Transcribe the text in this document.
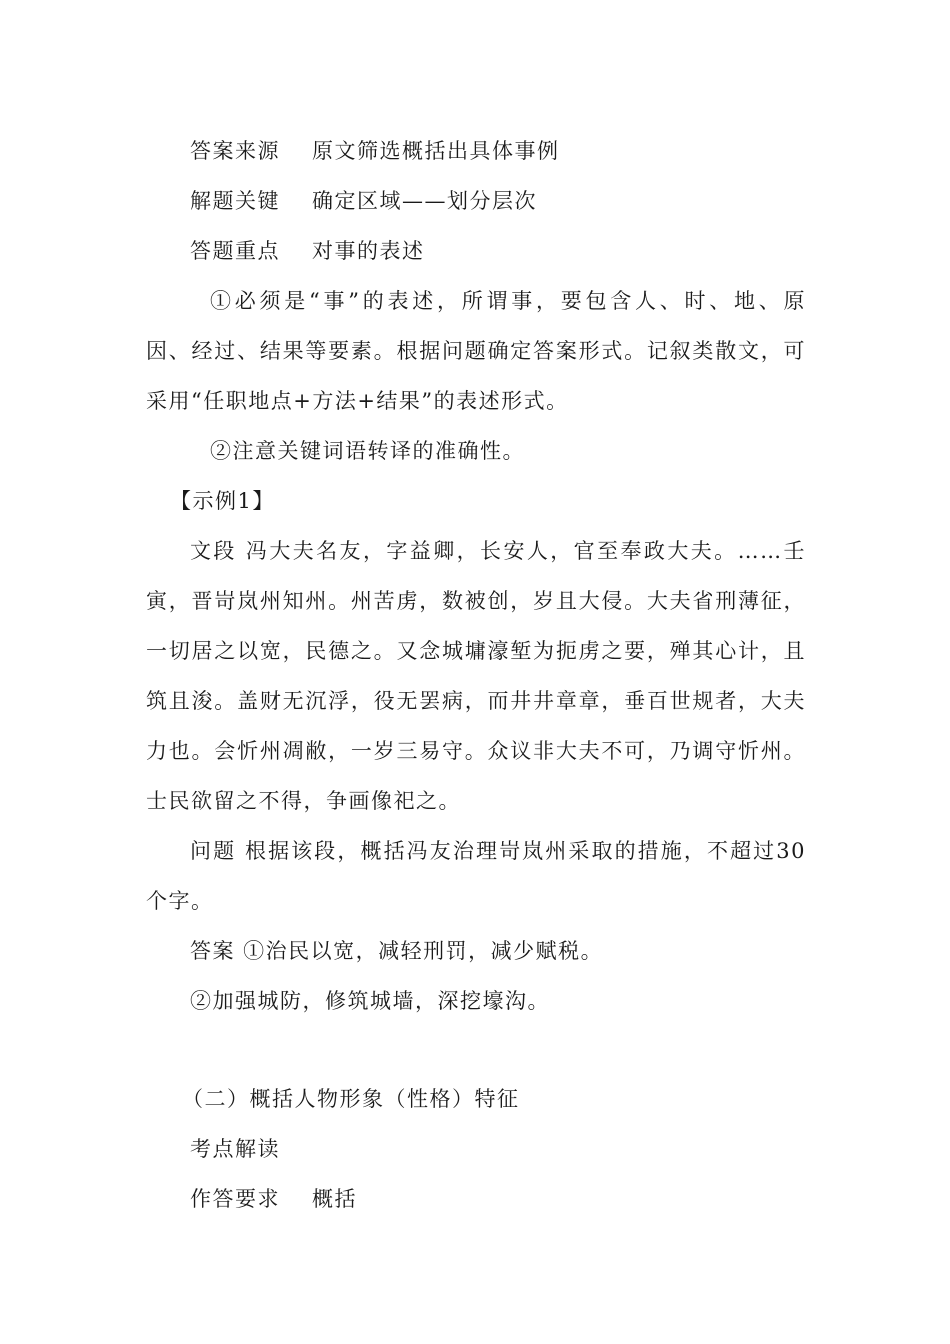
答案来源 原文筛选概括出具体事例
解题关键 确定区域——划分层次
答题重点 对事的表述
①必须是“事”的表述，所谓事，要包含人、时、地、原
因、经过、结果等要素。根据问题确定答案形式。记叙类散文，可
采用“任职地点+方法+结果”的表述形式。
②注意关键词语转译的准确性。
【示例1】
文段 冯大夫名友，字益卿，长安人，官至奉政大夫。……壬
寅，晋岢岚州知州。州苦虏，数被创，岁且大侵。大夫省刑薄征，
一切居之以宽，民德之。又念城墉濠堑为扼虏之要，殚其心计，且
筑且浚。盖财无沉浮，役无罢病，而井井章章，垂百世规者，大夫
力也。会忻州凋敝，一岁三易守。众议非大夫不可，乃调守忻州。
士民欲留之不得，争画像祀之。
问题 根据该段，概括冯友治理岢岚州采取的措施，不超过30
个字。
答案 ①治民以宽，减轻刑罚，减少赋税。
②加强城防，修筑城墙，深挖壕沟。
（二）概括人物形象（性格）特征
考点解读
作答要求 概括
